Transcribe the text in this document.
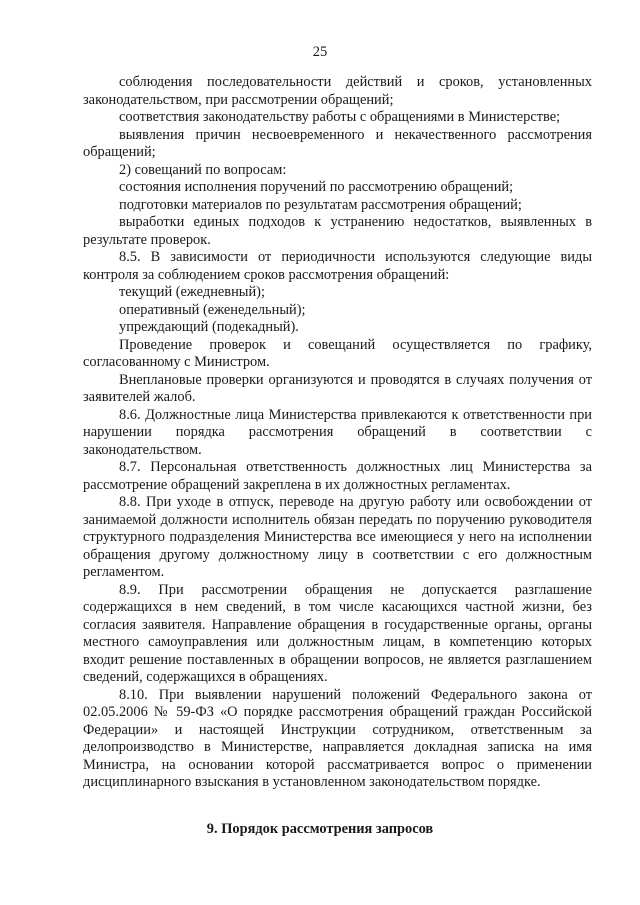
25

соблюдения последовательности действий и сроков, установленных законодательством, при рассмотрении обращений;

соответствия законодательству работы с обращениями в Министерстве;

выявления причин несвоевременного и некачественного рассмотрения обращений;

2) совещаний по вопросам:

состояния исполнения поручений по рассмотрению обращений;

подготовки материалов по результатам рассмотрения обращений;

выработки единых подходов к устранению недостатков, выявленных в результате проверок.

8.5. В зависимости от периодичности используются следующие виды контроля за соблюдением сроков рассмотрения обращений:

текущий (ежедневный);

оперативный (еженедельный);

упреждающий (подекадный).

Проведение проверок и совещаний осуществляется по графику, согласованному с Министром.

Внеплановые проверки организуются и проводятся в случаях получения от заявителей жалоб.

8.6. Должностные лица Министерства привлекаются к ответственности при нарушении порядка рассмотрения обращений в соответствии с законодательством.

8.7. Персональная ответственность должностных лиц Министерства за рассмотрение обращений закреплена в их должностных регламентах.

8.8. При уходе в отпуск, переводе на другую работу или освобождении от занимаемой должности исполнитель обязан передать по поручению руководителя структурного подразделения Министерства все имеющиеся у него на исполнении обращения другому должностному лицу в соответствии с его должностным регламентом.

8.9. При рассмотрении обращения не допускается разглашение содержащихся в нем сведений, в том числе касающихся частной жизни, без согласия заявителя. Направление обращения в государственные органы, органы местного самоуправления или должностным лицам, в компетенцию которых входит решение поставленных в обращении вопросов, не является разглашением сведений, содержащихся в обращениях.

8.10. При выявлении нарушений положений Федерального закона от 02.05.2006 № 59-ФЗ «О порядке рассмотрения обращений граждан Российской Федерации» и настоящей Инструкции сотрудником, ответственным за делопроизводство в Министерстве, направляется докладная записка на имя Министра, на основании которой рассматривается вопрос о применении дисциплинарного взыскания в установленном законодательством порядке.

9. Порядок рассмотрения запросов
